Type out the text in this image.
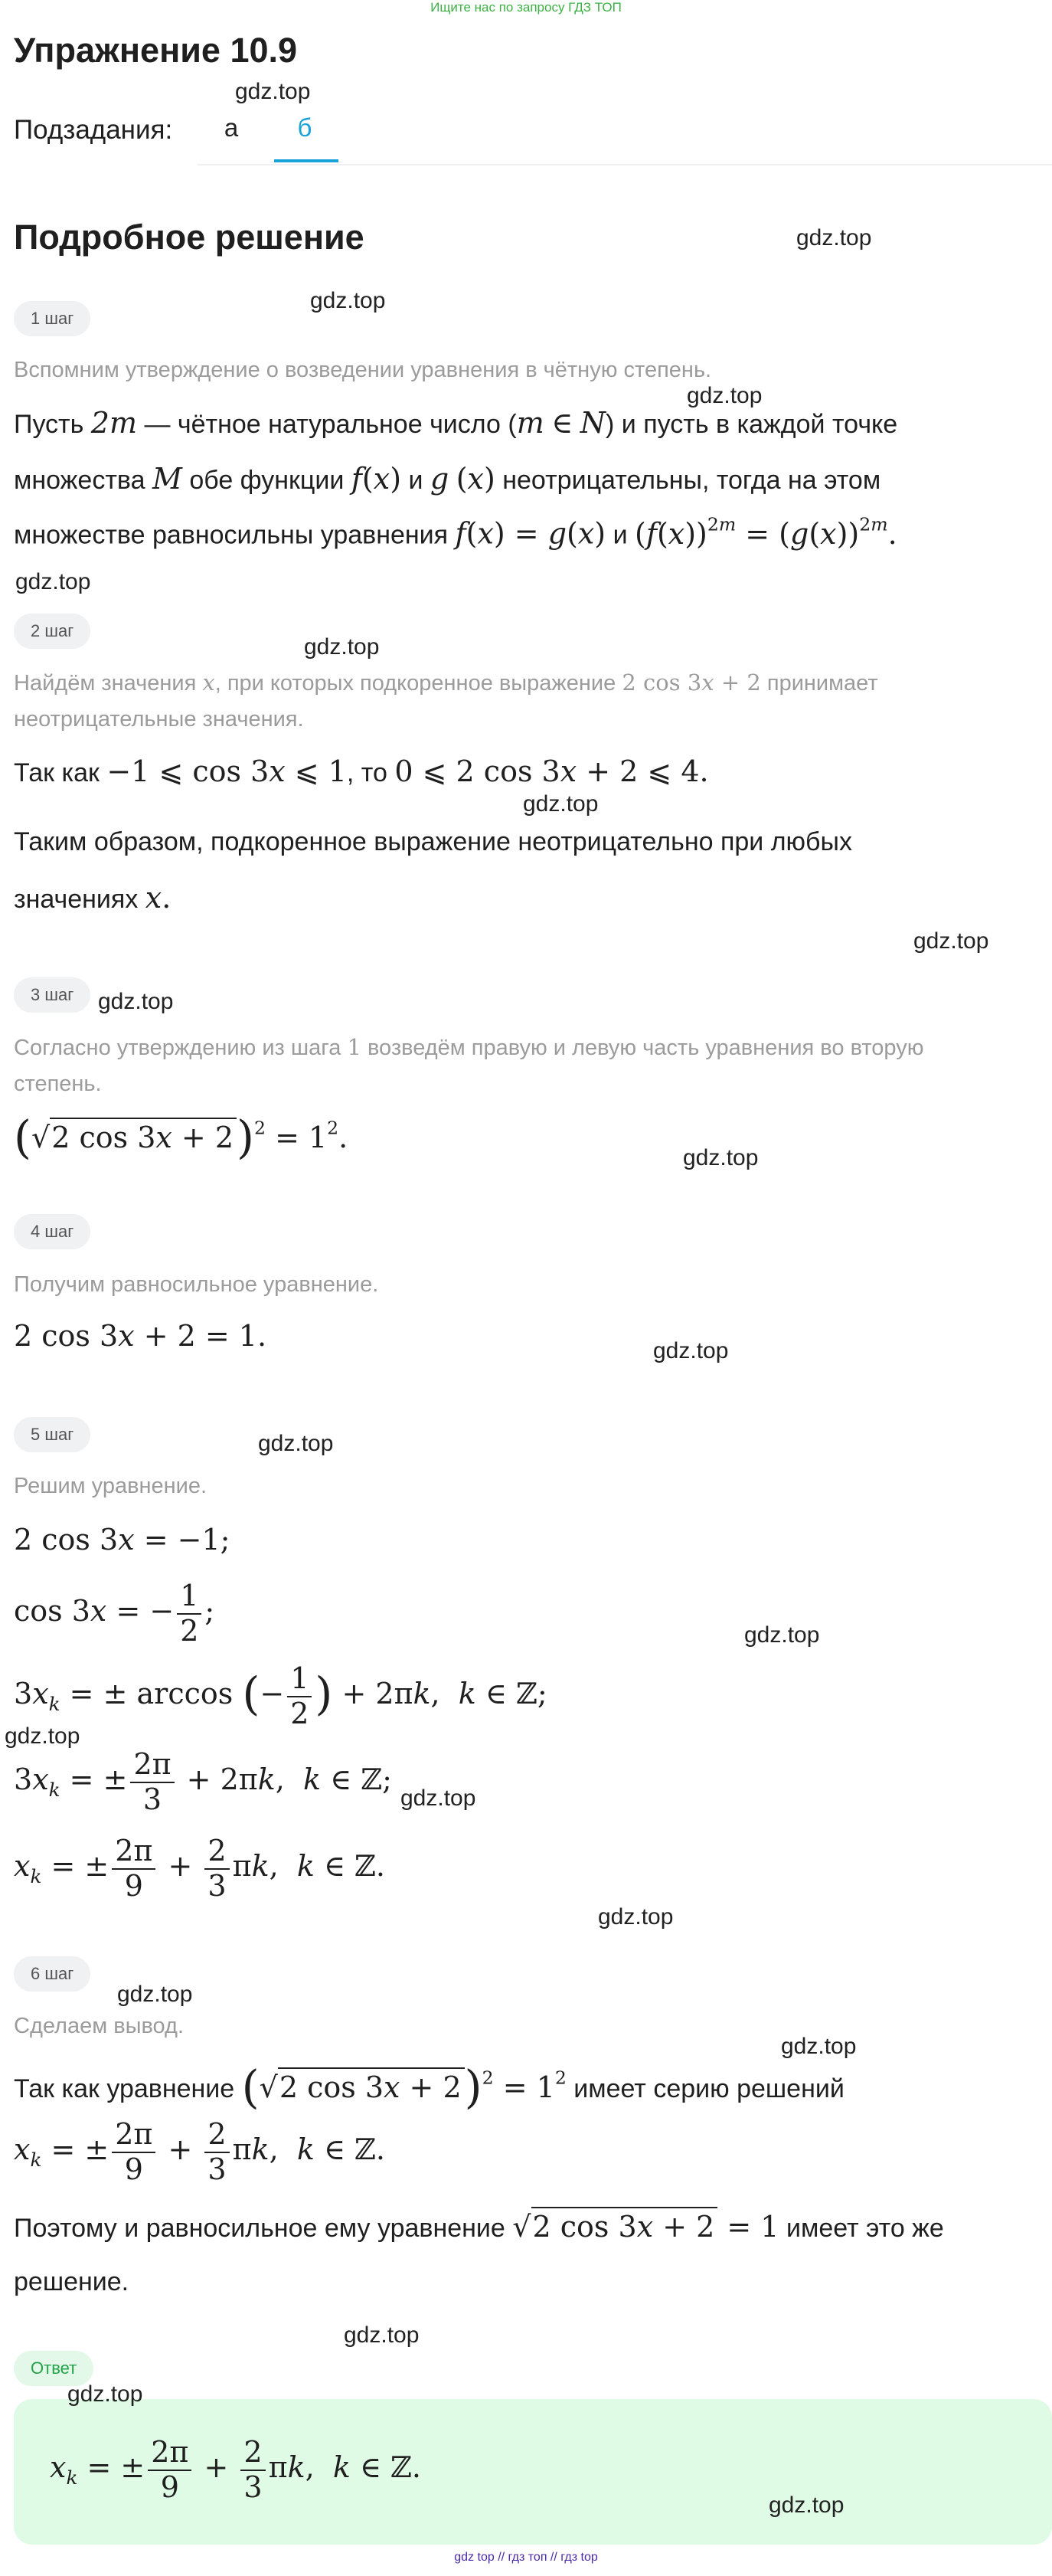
Ищите нас по запросу ГДЗ ТОП
Упражнение 10.9
Подзадания:	а	б
Подробное решение
1 шаг
Вспомним утверждение о возведении уравнения в чётную степень.
Пусть 2m — чётное натуральное число (m ∈ N) и пусть в каждой точке
множества M обе функции f(x) и g (x) неотрицательны, тогда на этом
множестве равносильны уравнения f(x) = g(x) и $(f(x))^{2m} = (g(x))^{2m}$.
2 шаг
Найдём значения x, при которых подкоренное выражение 2 cos 3x + 2 принимает
неотрицательные значения.
Так как −1 ⩽ cos 3x ⩽ 1, то 0 ⩽ 2 cos 3x + 2 ⩽ 4.
Таким образом, подкоренное выражение неотрицательно при любых
значениях x.
3 шаг
Согласно утверждению из шага 1 возведём правую и левую часть уравнения во вторую
степень.
(√2 $\cos 3x + 2)^2 = 1^2$.
4 шаг
Получим равносильное уравнение.
2 cos 3x + 2 = 1.
5 шаг
Решим уравнение.
2 cos 3x = −1;
cos 3x = − $\frac{1}{2}$ ;
$3x_k$ = ± arccos (− $\frac{1}{2}$ ) + 2πk,  k ∈ ℤ;
$3x_k$ = ± $\frac{2\pi}{3} + 2\pi k$,  k ∈ ℤ;
$x_k$ = ± $\frac{2\pi}{9} + \frac{2}{3} \pi k$,  k ∈ ℤ.
6 шаг
Сделаем вывод.
Так как уравнение (√2 $\cos 3x + 2)^2 = 1^2$ имеет серию решений
$x_k$ = ± $\frac{2\pi}{9} + \frac{2}{3} \pi k$,  k ∈ ℤ.
Поэтому и равносильное ему уравнение √2 cos 3x + 2 = 1 имеет это же
решение.
Ответ
$x_k$ = ± $\frac{2\pi}{9} + \frac{2}{3} \pi k$,  k ∈ ℤ.
gdz.top
gdz.top
gdz.top
gdz.top
gdz.top
gdz.top
gdz.top
gdz.top
gdz.top
gdz.top
gdz.top
gdz.top
gdz.top
gdz.top
gdz.top
gdz.top
gdz.top
gdz.top
gdz.top
gdz.top
gdz.top
gdz top // гдз топ // гдз top
